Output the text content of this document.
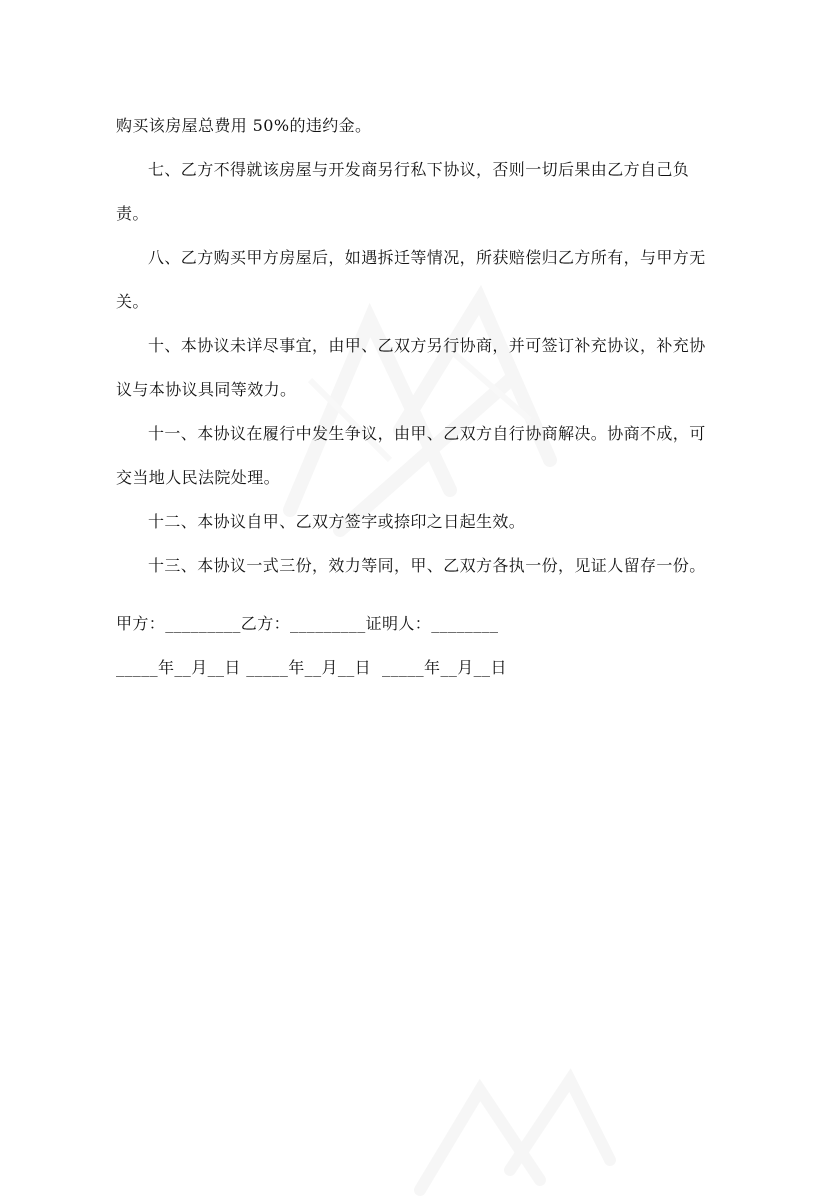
购买该房屋总费用 50%的违约金。

七、乙方不得就该房屋与开发商另行私下协议，否则一切后果由乙方自己负责。

八、乙方购买甲方房屋后，如遇拆迁等情况，所获赔偿归乙方所有，与甲方无关。

十、本协议未详尽事宜，由甲、乙双方另行协商，并可签订补充协议，补充协议与本协议具同等效力。

十一、本协议在履行中发生争议，由甲、乙双方自行协商解决。协商不成，可交当地人民法院处理。

十二、本协议自甲、乙双方签字或捺印之日起生效。

十三、本协议一式三份，效力等同，甲、乙双方各执一份，见证人留存一份。

甲方：_________乙方：_________证明人：________

_____年__月__日 _____年__月__日  _____年__月__日
